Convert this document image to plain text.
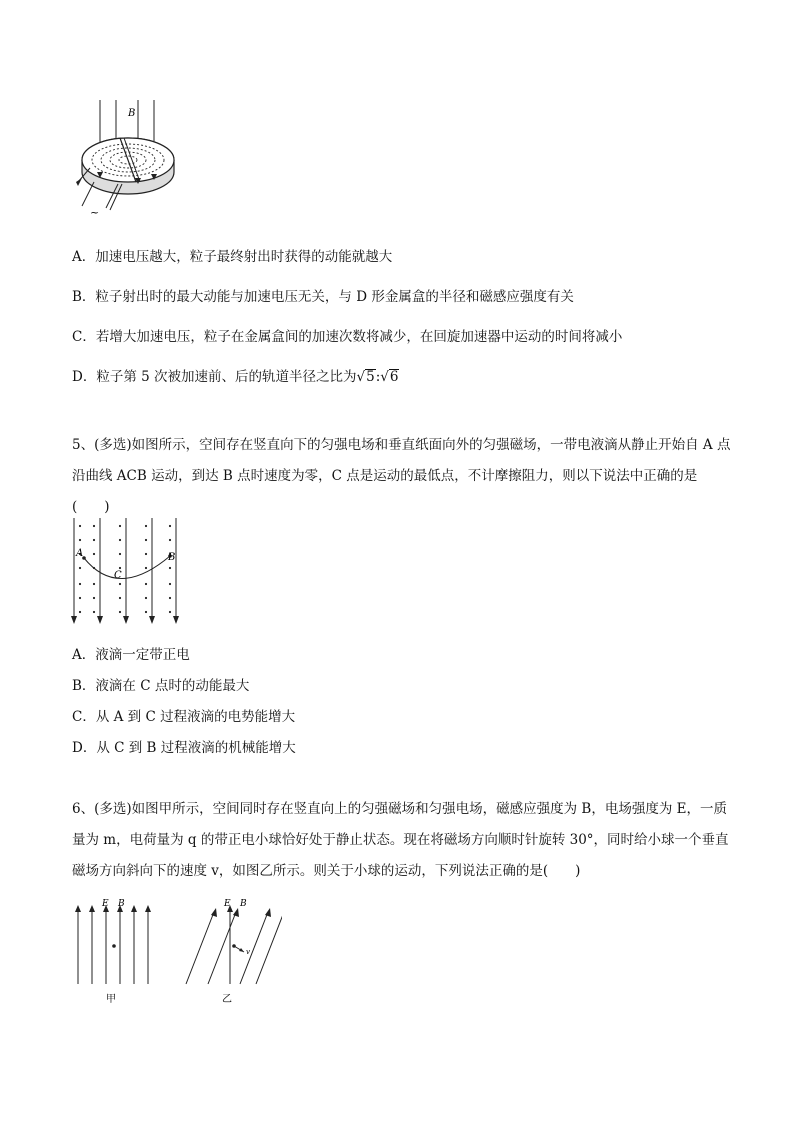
B
~
A．加速电压越大，粒子最终射出时获得的动能就越大
B．粒子射出时的最大动能与加速电压无关，与 D 形金属盒的半径和磁感应强度有关
C．若增大加速电压，粒子在金属盒间的加速次数将减少，在回旋加速器中运动的时间将减小
D．粒子第 5 次被加速前、后的轨道半径之比为√5:√6
5、(多选)如图所示，空间存在竖直向下的匀强电场和垂直纸面向外的匀强磁场，一带电液滴从静止开始自 A 点沿曲线 ACB 运动，到达 B 点时速度为零，C 点是运动的最低点，不计摩擦阻力，则以下说法中正确的是(　　)
A	B
C
A．液滴一定带正电
B．液滴在 C 点时的动能最大
C．从 A 到 C 过程液滴的电势能增大
D．从 C 到 B 过程液滴的机械能增大
6、(多选)如图甲所示，空间同时存在竖直向上的匀强磁场和匀强电场，磁感应强度为 B，电场强度为 E，一质量为 m，电荷量为 q 的带正电小球恰好处于静止状态。现在将磁场方向顺时针旋转 30°，同时给小球一个垂直磁场方向斜向下的速度 v，如图乙所示。则关于小球的运动，下列说法正确的是(　　)
E B
甲
E B
v
乙
